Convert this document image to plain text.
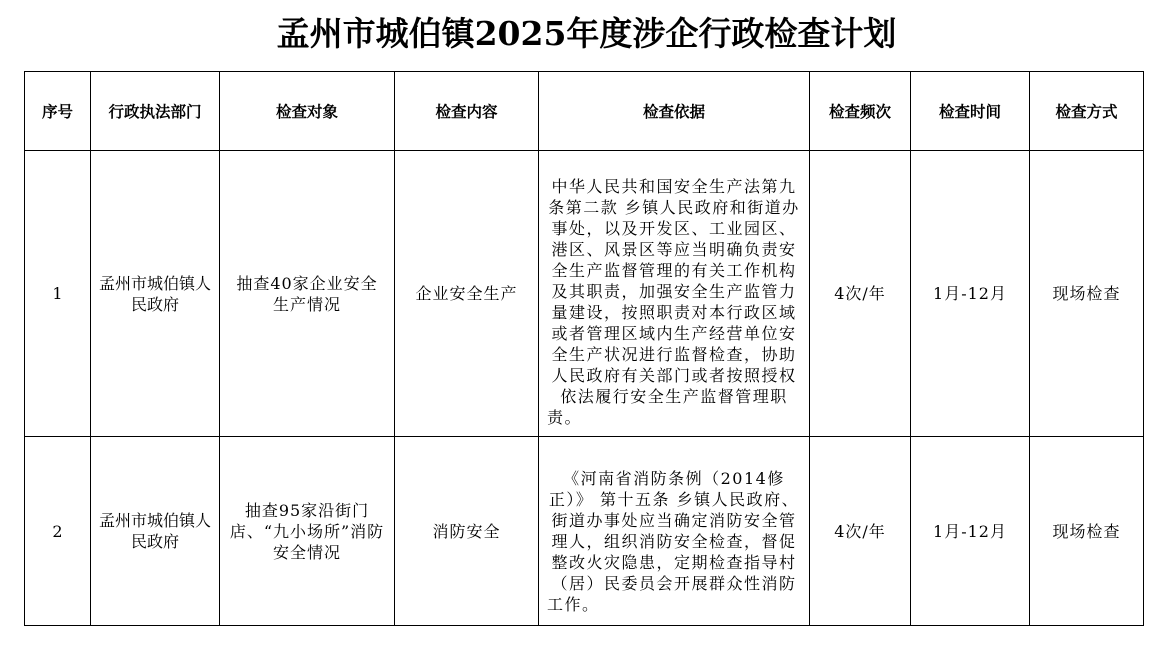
孟州市城伯镇2025年度涉企行政检查计划
序号	行政执法部门	检查对象	检查内容	检查依据	检查频次	检查时间	检查方式
1	孟州市城伯镇人民政府	抽查40家企业安全生产情况	企业安全生产	中华人民共和国安全生产法第九条第二款 乡镇人民政府和街道办事处，以及开发区、工业园区、港区、风景区等应当明确负责安全生产监督管理的有关工作机构及其职责，加强安全生产监管力量建设，按照职责对本行政区域或者管理区域内生产经营单位安全生产状况进行监督检查，协助人民政府有关部门或者按照授权依法履行安全生产监督管理职责。	4次/年	1月-12月	现场检查
2	孟州市城伯镇人民政府	抽查95家沿街门店、“九小场所”消防安全情况	消防安全	《河南省消防条例（2014修正）》 第十五条 乡镇人民政府、街道办事处应当确定消防安全管理人，组织消防安全检查，督促整改火灾隐患，定期检查指导村（居）民委员会开展群众性消防工作。	4次/年	1月-12月	现场检查
